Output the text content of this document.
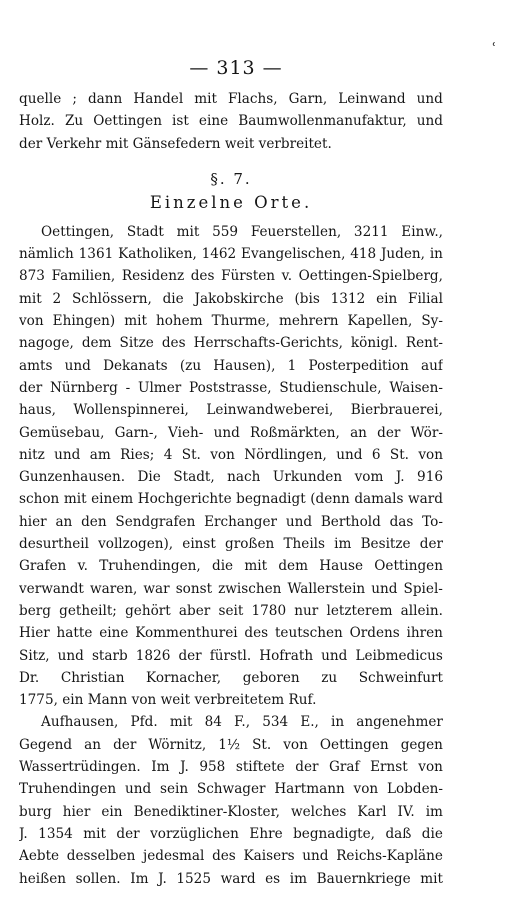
ʿ
— 313 —
quelle ; dann Handel mit Flachs, Garn, Leinwand und
Holz. Zu Oettingen ist eine Baumwollenmanufaktur, und
der Verkehr mit Gänsefedern weit verbreitet.
§. 7.
Einzelne Orte.
Oettingen, Stadt mit 559 Feuerstellen, 3211 Einw.,
nämlich 1361 Katholiken, 1462 Evangelischen, 418 Juden, in
873 Familien, Residenz des Fürsten v. Oettingen-Spielberg,
mit 2 Schlössern, die Jakobskirche (bis 1312 ein Filial
von Ehingen) mit hohem Thurme, mehrern Kapellen, Sy-
nagoge, dem Sitze des Herrschafts-Gerichts, königl. Rent-
amts und Dekanats (zu Hausen), 1 Posterpedition auf
der Nürnberg - Ulmer Poststrasse, Studienschule, Waisen-
haus, Wollenspinnerei, Leinwandweberei, Bierbrauerei,
Gemüsebau, Garn-, Vieh- und Roßmärkten, an der Wör-
nitz und am Ries; 4 St. von Nördlingen, und 6 St. von
Gunzenhausen. Die Stadt, nach Urkunden vom J. 916
schon mit einem Hochgerichte begnadigt (denn damals ward
hier an den Sendgrafen Erchanger und Berthold das To-
desurtheil vollzogen), einst großen Theils im Besitze der
Grafen v. Truhendingen, die mit dem Hause Oettingen
verwandt waren, war sonst zwischen Wallerstein und Spiel-
berg getheilt; gehört aber seit 1780 nur letzterem allein.
Hier hatte eine Kommenthurei des teutschen Ordens ihren
Sitz, und starb 1826 der fürstl. Hofrath und Leibmedicus
Dr. Christian Kornacher, geboren zu Schweinfurt
1775, ein Mann von weit verbreitetem Ruf.
Aufhausen, Pfd. mit 84 F., 534 E., in angenehmer
Gegend an der Wörnitz, 1½ St. von Oettingen gegen
Wassertrüdingen. Im J. 958 stiftete der Graf Ernst von
Truhendingen und sein Schwager Hartmann von Lobden-
burg hier ein Benediktiner-Kloster, welches Karl IV. im
J. 1354 mit der vorzüglichen Ehre begnadigte, daß die
Aebte desselben jedesmal des Kaisers und Reichs-Kapläne
heißen sollen. Im J. 1525 ward es im Bauernkriege mit
